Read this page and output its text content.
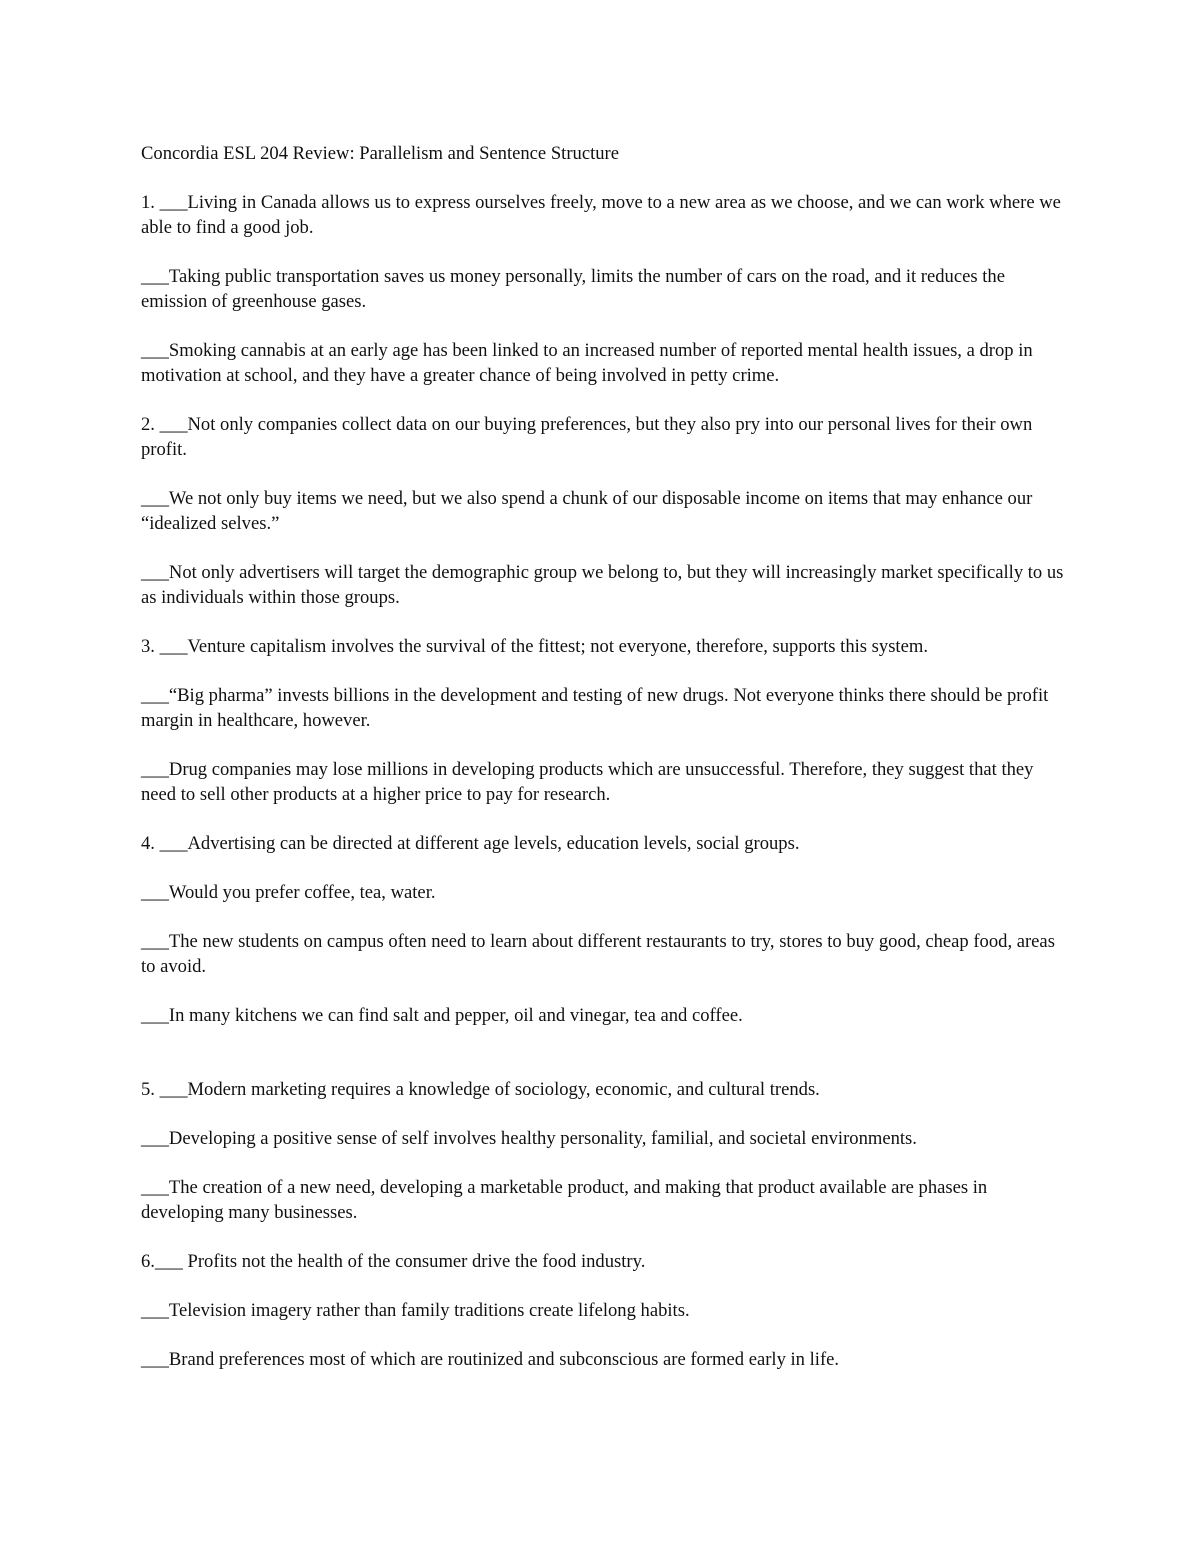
Concordia ESL 204 Review: Parallelism and Sentence Structure

1. ___Living in Canada allows us to express ourselves freely, move to a new area as we choose, and we can work where we able to find a good job.

___Taking public transportation saves us money personally, limits the number of cars on the road, and it reduces the emission of greenhouse gases.

___Smoking cannabis at an early age has been linked to an increased number of reported mental health issues, a drop in motivation at school, and they have a greater chance of being involved in petty crime.

2. ___Not only companies collect data on our buying preferences, but they also pry into our personal lives for their own profit.

___We not only buy items we need, but we also spend a chunk of our disposable income on items that may enhance our “idealized selves.”

___Not only advertisers will target the demographic group we belong to, but they will increasingly market specifically to us as individuals within those groups.

3. ___Venture capitalism involves the survival of the fittest; not everyone, therefore, supports this system.

___“Big pharma” invests billions in the development and testing of new drugs. Not everyone thinks there should be profit margin in healthcare, however.

___Drug companies may lose millions in developing products which are unsuccessful. Therefore, they suggest that they need to sell other products at a higher price to pay for research.

4. ___Advertising can be directed at different age levels, education levels, social groups.

___Would you prefer coffee, tea, water.

___The new students on campus often need to learn about different restaurants to try, stores to buy good, cheap food, areas to avoid.

___In many kitchens we can find salt and pepper, oil and vinegar, tea and coffee.

5. ___Modern marketing requires a knowledge of sociology, economic, and cultural trends.

___Developing a positive sense of self involves healthy personality, familial, and societal environments.

___The creation of a new need, developing a marketable product, and making that product available are phases in developing many businesses.

6.___ Profits not the health of the consumer drive the food industry.

___Television imagery rather than family traditions create lifelong habits.

___Brand preferences most of which are routinized and subconscious are formed early in life.
